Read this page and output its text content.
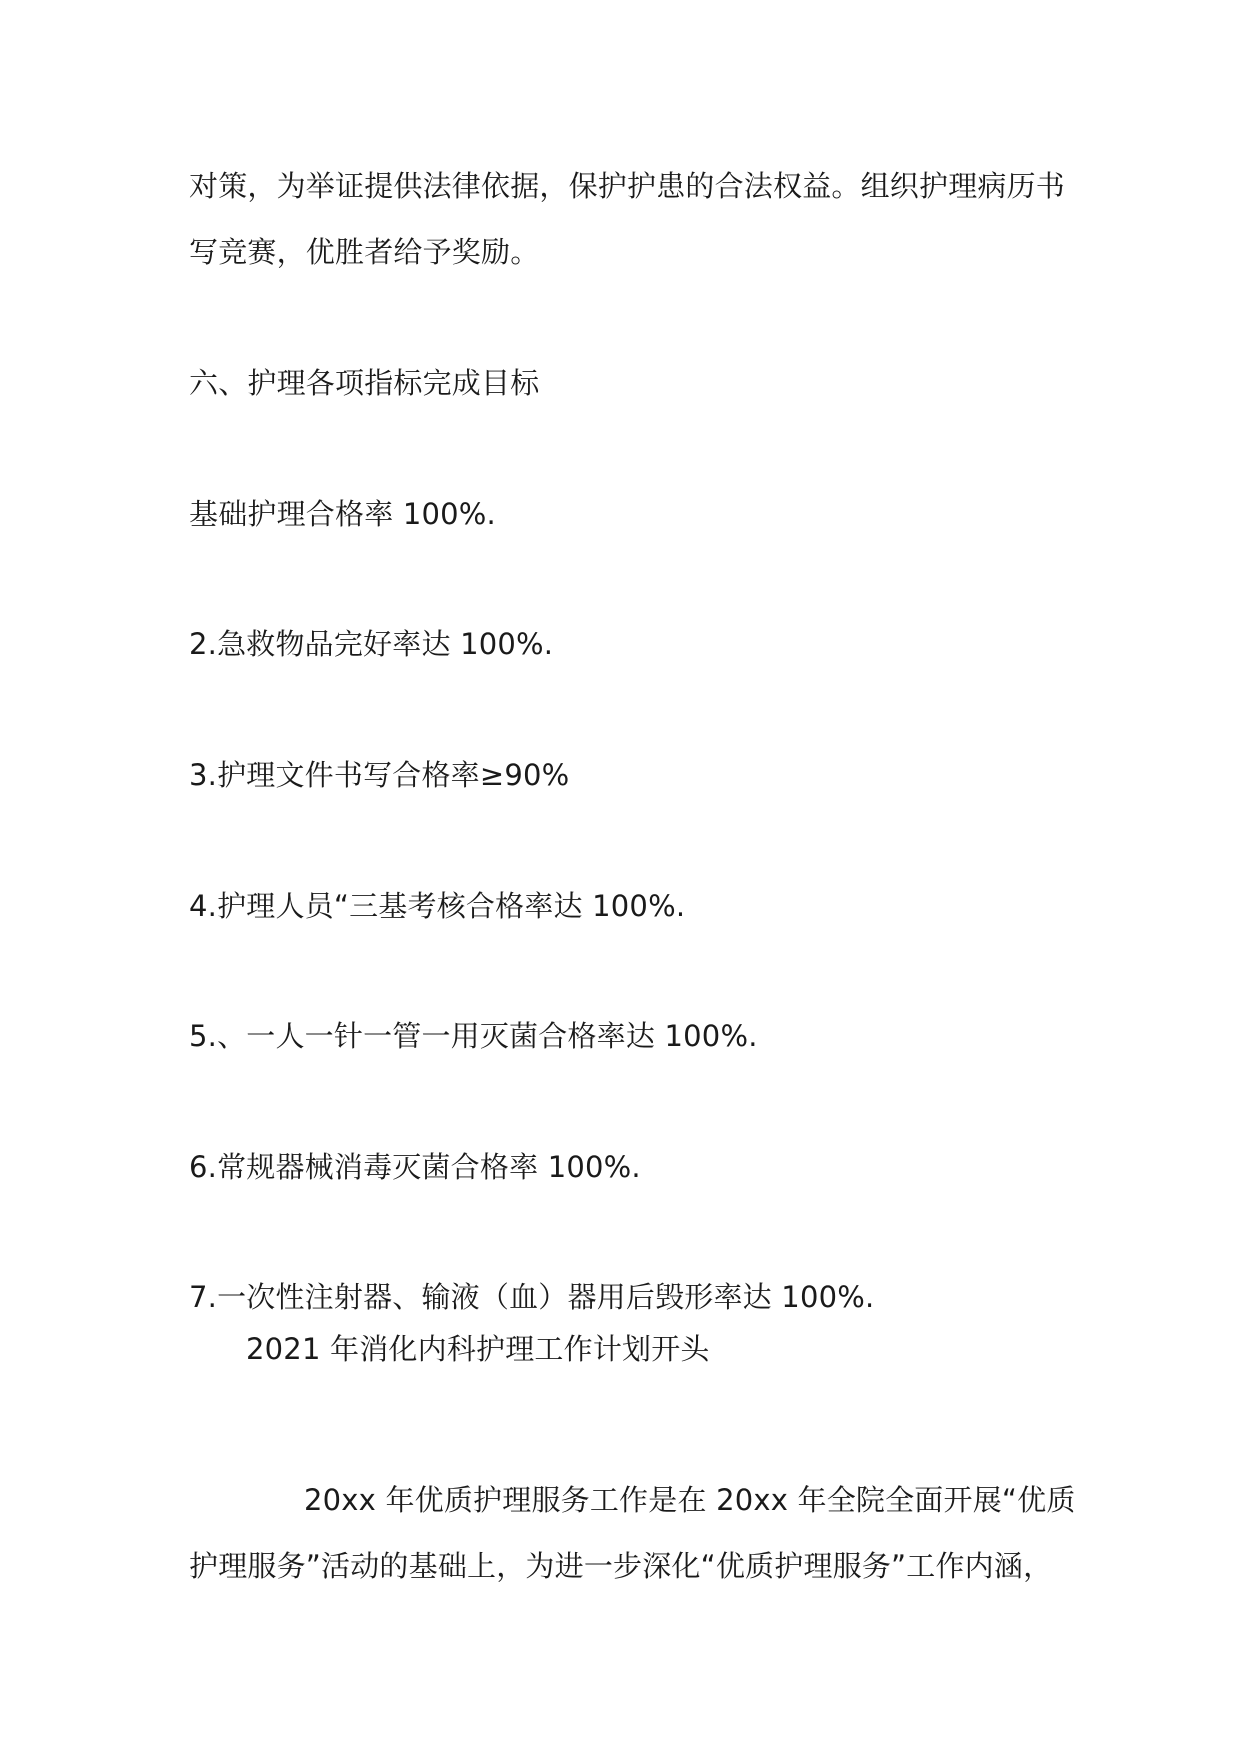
对策，为举证提供法律依据，保护护患的合法权益。组织护理病历书
写竞赛，优胜者给予奖励。
六、护理各项指标完成目标
基础护理合格率 100%.
2.急救物品完好率达 100%.
3.护理文件书写合格率≥90%
4.护理人员“三基考核合格率达 100%.
5.、一人一针一管一用灭菌合格率达 100%.
6.常规器械消毒灭菌合格率 100%.
7.一次性注射器、输液（血）器用后毁形率达 100%.
2021 年消化内科护理工作计划开头
20xx 年优质护理服务工作是在 20xx 年全院全面开展“优质
护理服务”活动的基础上，为进一步深化“优质护理服务”工作内涵，
